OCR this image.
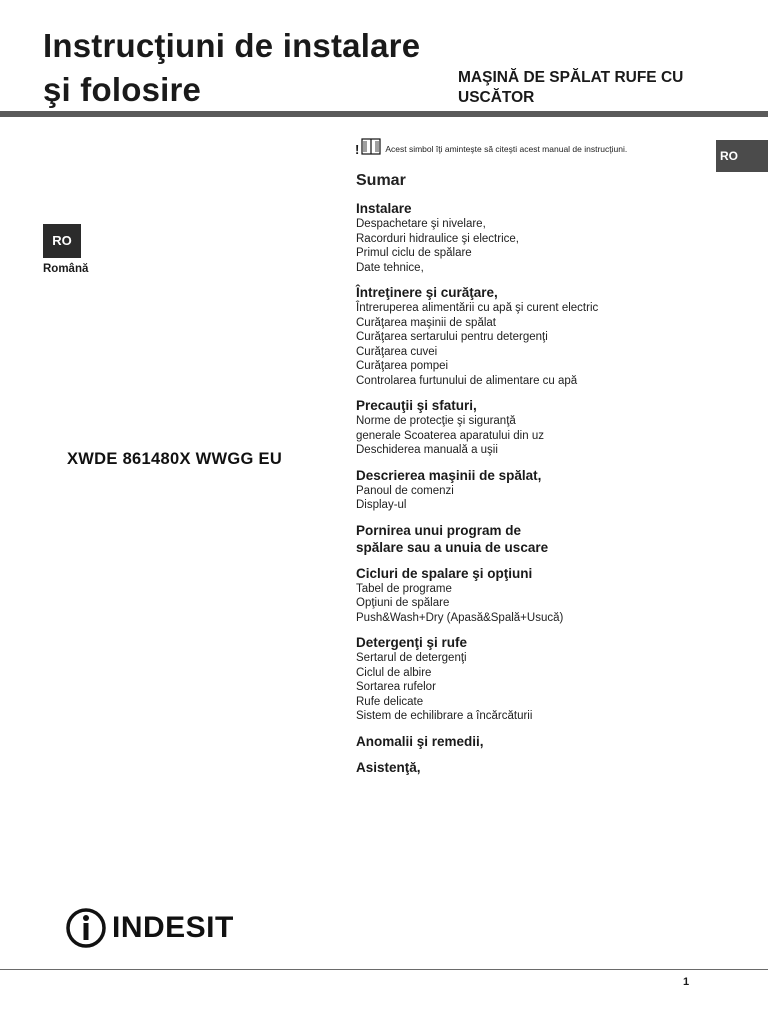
Instrucţiuni de instalare
şi folosire	MAŞINĂ DE SPĂLAT RUFE CU
USCĂTOR
RO
RO
Română
XWDE 861480X WWGG EU
!	Acest simbol îţi aminteşte să citeşti acest manual de instrucţiuni.
Sumar
Instalare
Despachetare şi nivelare,
Racorduri hidraulice şi electrice,
Primul ciclu de spălare
Date tehnice,
Întreţinere şi curăţare,
Întreruperea alimentării cu apă şi curent electric
Curăţarea maşinii de spălat
Curăţarea sertarului pentru detergenţi
Curăţarea cuvei
Curăţarea pompei
Controlarea furtunului de alimentare cu apă
Precauţii şi sfaturi,
Norme de protecţie şi siguranţă
generale Scoaterea aparatului din uz
Deschiderea manuală a uşii
Descrierea maşinii de spălat,
Panoul de comenzi
Display-ul
Pornirea unui program de
spălare sau a unuia de uscare
Cicluri de spalare şi opţiuni
Tabel de programe
Opţiuni de spălare
Push&Wash+Dry (Apasă&Spală+Usucă)
Detergenţi şi rufe
Sertarul de detergenţi
Ciclul de albire
Sortarea rufelor
Rufe delicate
Sistem de echilibrare a încărcăturii
Anomalii şi remedii,
Asistenţă,
INDESIT
1
